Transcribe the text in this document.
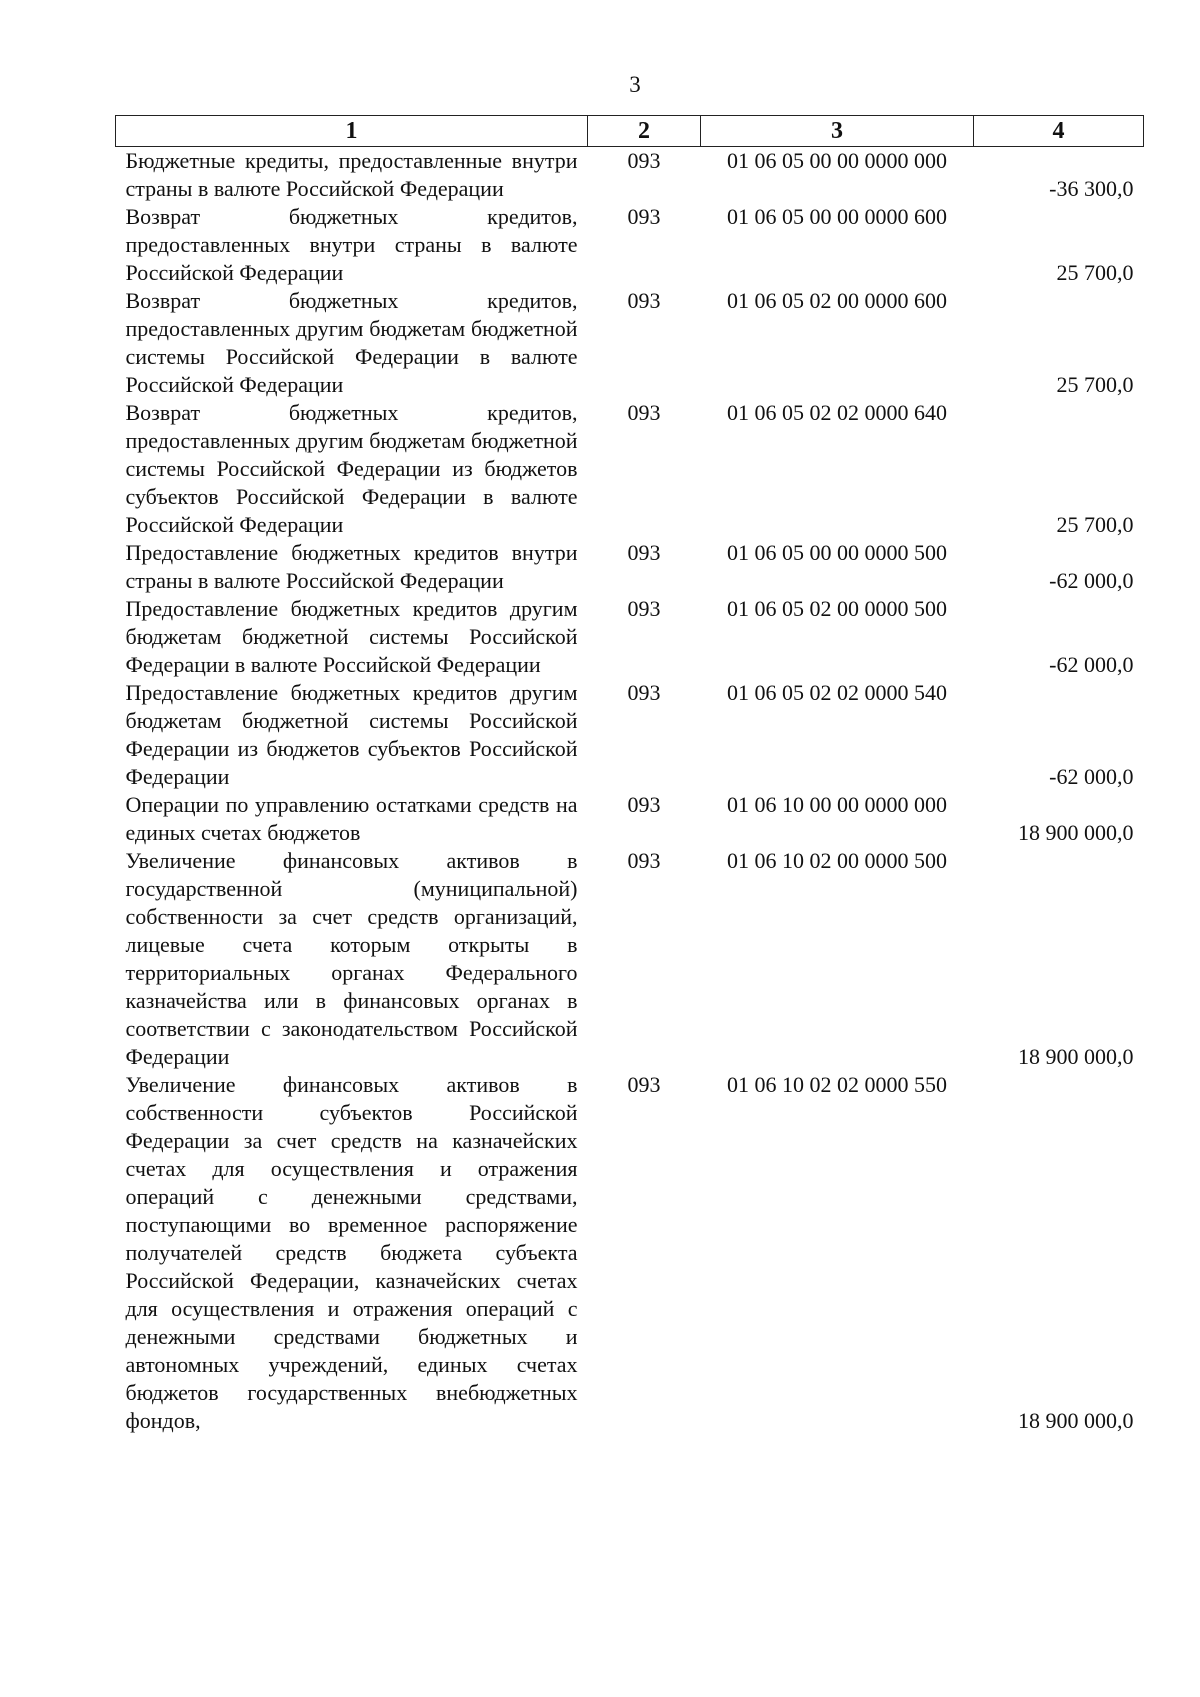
3
1	2	3	4
Бюджетные кредиты, предоставленные внутри страны в валюте Российской Федерации	093	01 06 05 00 00 0000 000	-36 300,0
Возврат бюджетных кредитов, предоставленных внутри страны в валюте Российской Федерации	093	01 06 05 00 00 0000 600	25 700,0
Возврат бюджетных кредитов, предоставленных другим бюджетам бюджетной системы Российской Федерации в валюте Российской Федерации	093	01 06 05 02 00 0000 600	25 700,0
Возврат бюджетных кредитов, предоставленных другим бюджетам бюджетной системы Российской Федерации из бюджетов субъектов Российской Федерации в валюте Российской Федерации	093	01 06 05 02 02 0000 640	25 700,0
Предоставление бюджетных кредитов внутри страны в валюте Российской Федерации	093	01 06 05 00 00 0000 500	-62 000,0
Предоставление бюджетных кредитов другим бюджетам бюджетной системы Российской Федерации в валюте Российской Федерации	093	01 06 05 02 00 0000 500	-62 000,0
Предоставление бюджетных кредитов другим бюджетам бюджетной системы Российской Федерации из бюджетов субъектов Российской Федерации	093	01 06 05 02 02 0000 540	-62 000,0
Операции по управлению остатками средств на единых счетах бюджетов	093	01 06 10 00 00 0000 000	18 900 000,0
Увеличение финансовых активов в государственной (муниципальной) собственности за счет средств организаций, лицевые счета которым открыты в территориальных органах Федерального казначейства или в финансовых органах в соответствии с законодательством Российской Федерации	093	01 06 10 02 00 0000 500	18 900 000,0
Увеличение финансовых активов в собственности субъектов Российской Федерации за счет средств на казначейских счетах для осуществления и отражения операций с денежными средствами, поступающими во временное распоряжение получателей средств бюджета субъекта Российской Федерации, казначейских счетах для осуществления и отражения операций с денежными средствами бюджетных и автономных учреждений, единых счетах бюджетов государственных внебюджетных фондов,	093	01 06 10 02 02 0000 550	18 900 000,0
